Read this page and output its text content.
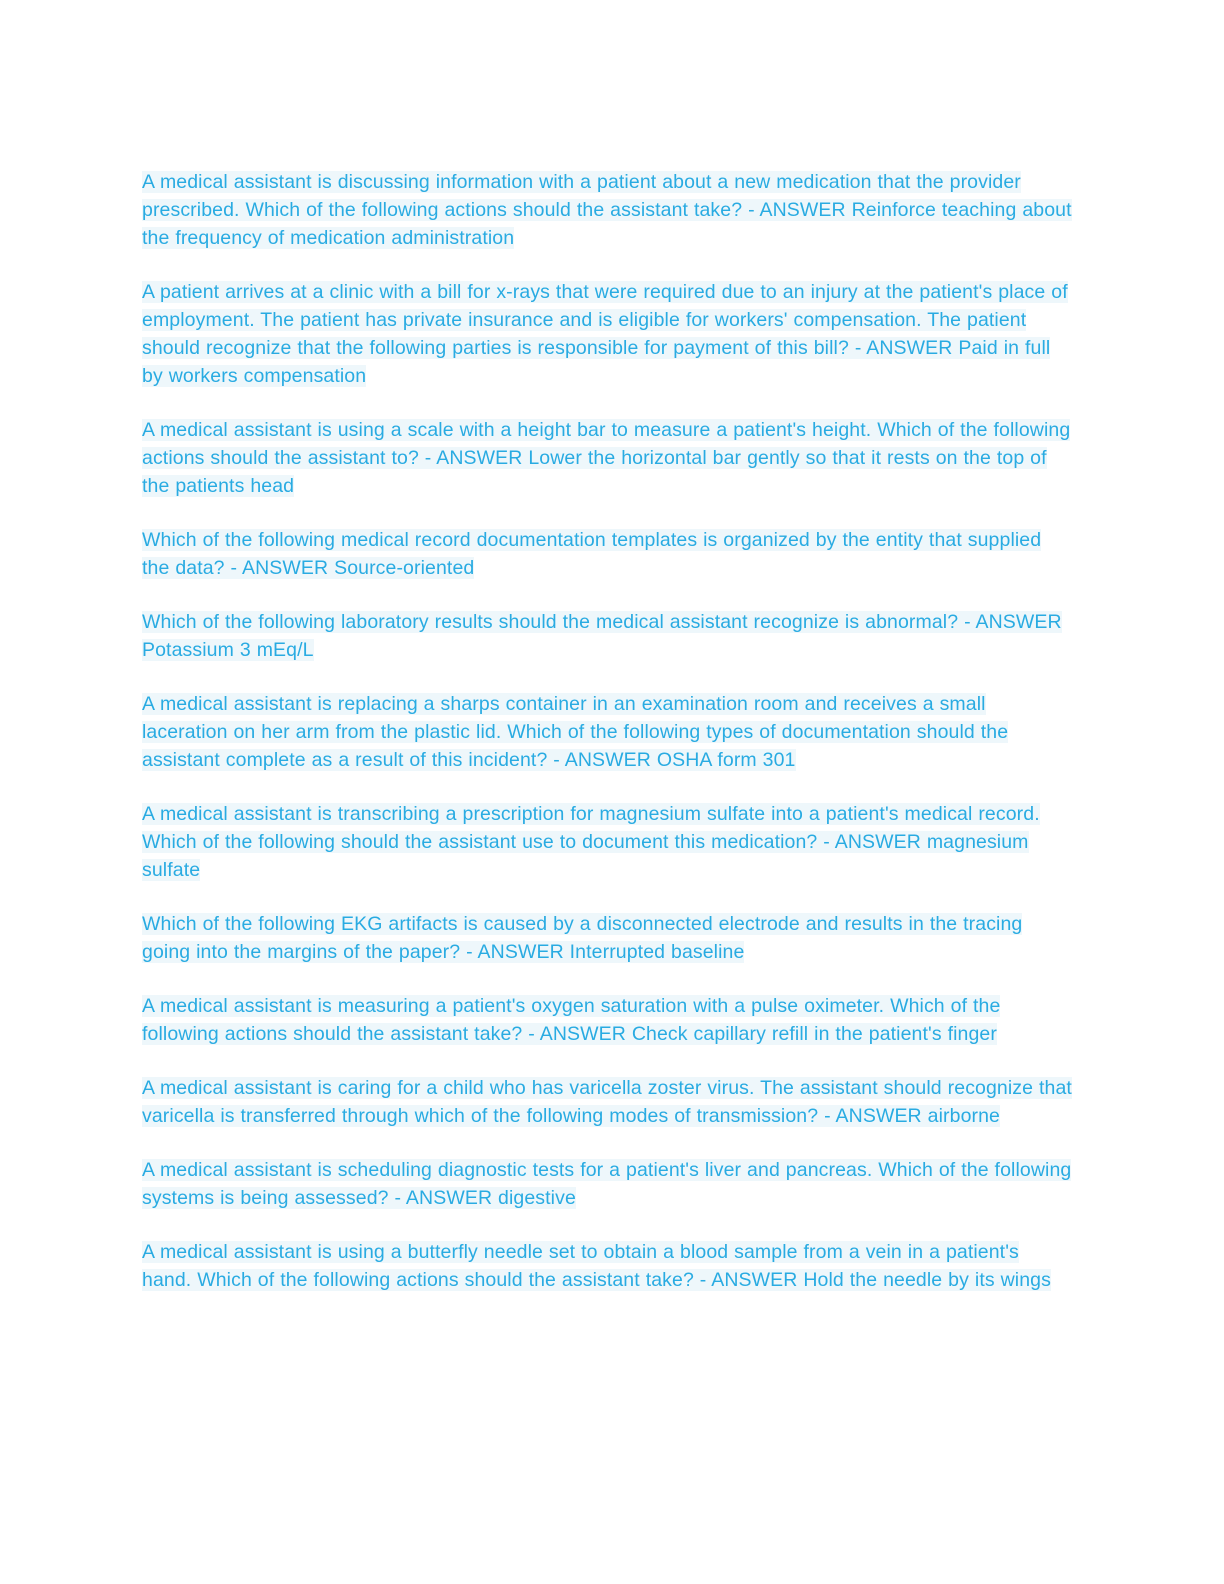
A medical assistant is discussing information with a patient about a new medication that the provider prescribed. Which of the following actions should the assistant take? - ANSWER Reinforce teaching about the frequency of medication administration

A patient arrives at a clinic with a bill for x-rays that were required due to an injury at the patient's place of employment. The patient has private insurance and is eligible for workers' compensation. The patient should recognize that the following parties is responsible for payment of this bill? - ANSWER Paid in full by workers compensation

A medical assistant is using a scale with a height bar to measure a patient's height. Which of the following actions should the assistant to? - ANSWER Lower the horizontal bar gently so that it rests on the top of the patients head

Which of the following medical record documentation templates is organized by the entity that supplied the data? - ANSWER Source-oriented

Which of the following laboratory results should the medical assistant recognize is abnormal? - ANSWER Potassium 3 mEq/L

A medical assistant is replacing a sharps container in an examination room and receives a small laceration on her arm from the plastic lid. Which of the following types of documentation should the assistant complete as a result of this incident? - ANSWER OSHA form 301

A medical assistant is transcribing a prescription for magnesium sulfate into a patient's medical record. Which of the following should the assistant use to document this medication? - ANSWER magnesium sulfate

Which of the following EKG artifacts is caused by a disconnected electrode and results in the tracing going into the margins of the paper? - ANSWER Interrupted baseline

A medical assistant is measuring a patient's oxygen saturation with a pulse oximeter. Which of the following actions should the assistant take? - ANSWER Check capillary refill in the patient's finger

A medical assistant is caring for a child who has varicella zoster virus. The assistant should recognize that varicella is transferred through which of the following modes of transmission? - ANSWER airborne

A medical assistant is scheduling diagnostic tests for a patient's liver and pancreas. Which of the following systems is being assessed? - ANSWER digestive

A medical assistant is using a butterfly needle set to obtain a blood sample from a vein in a patient's hand. Which of the following actions should the assistant take? - ANSWER Hold the needle by its wings
